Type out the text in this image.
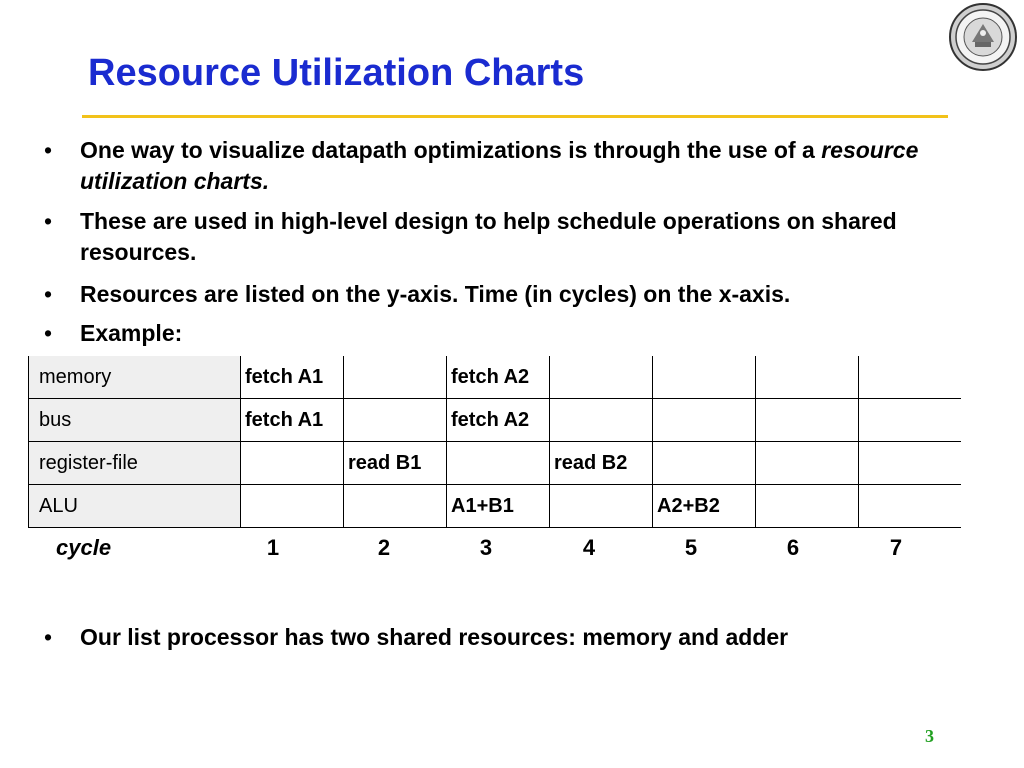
Resource Utilization Charts
• One way to visualize datapath optimizations is through the use of a resource utilization charts.
• These are used in high-level design to help schedule operations on shared resources.
• Resources are listed on the y-axis. Time (in cycles) on the x-axis.
• Example:
memory	fetch A1		fetch A2				
bus	fetch A1		fetch A2				
register-file		read B1		read B2			
ALU			A1+B1		A2+B2		
cycle	1	2	3	4	5	6	7
• Our list processor has two shared resources: memory and adder
3
